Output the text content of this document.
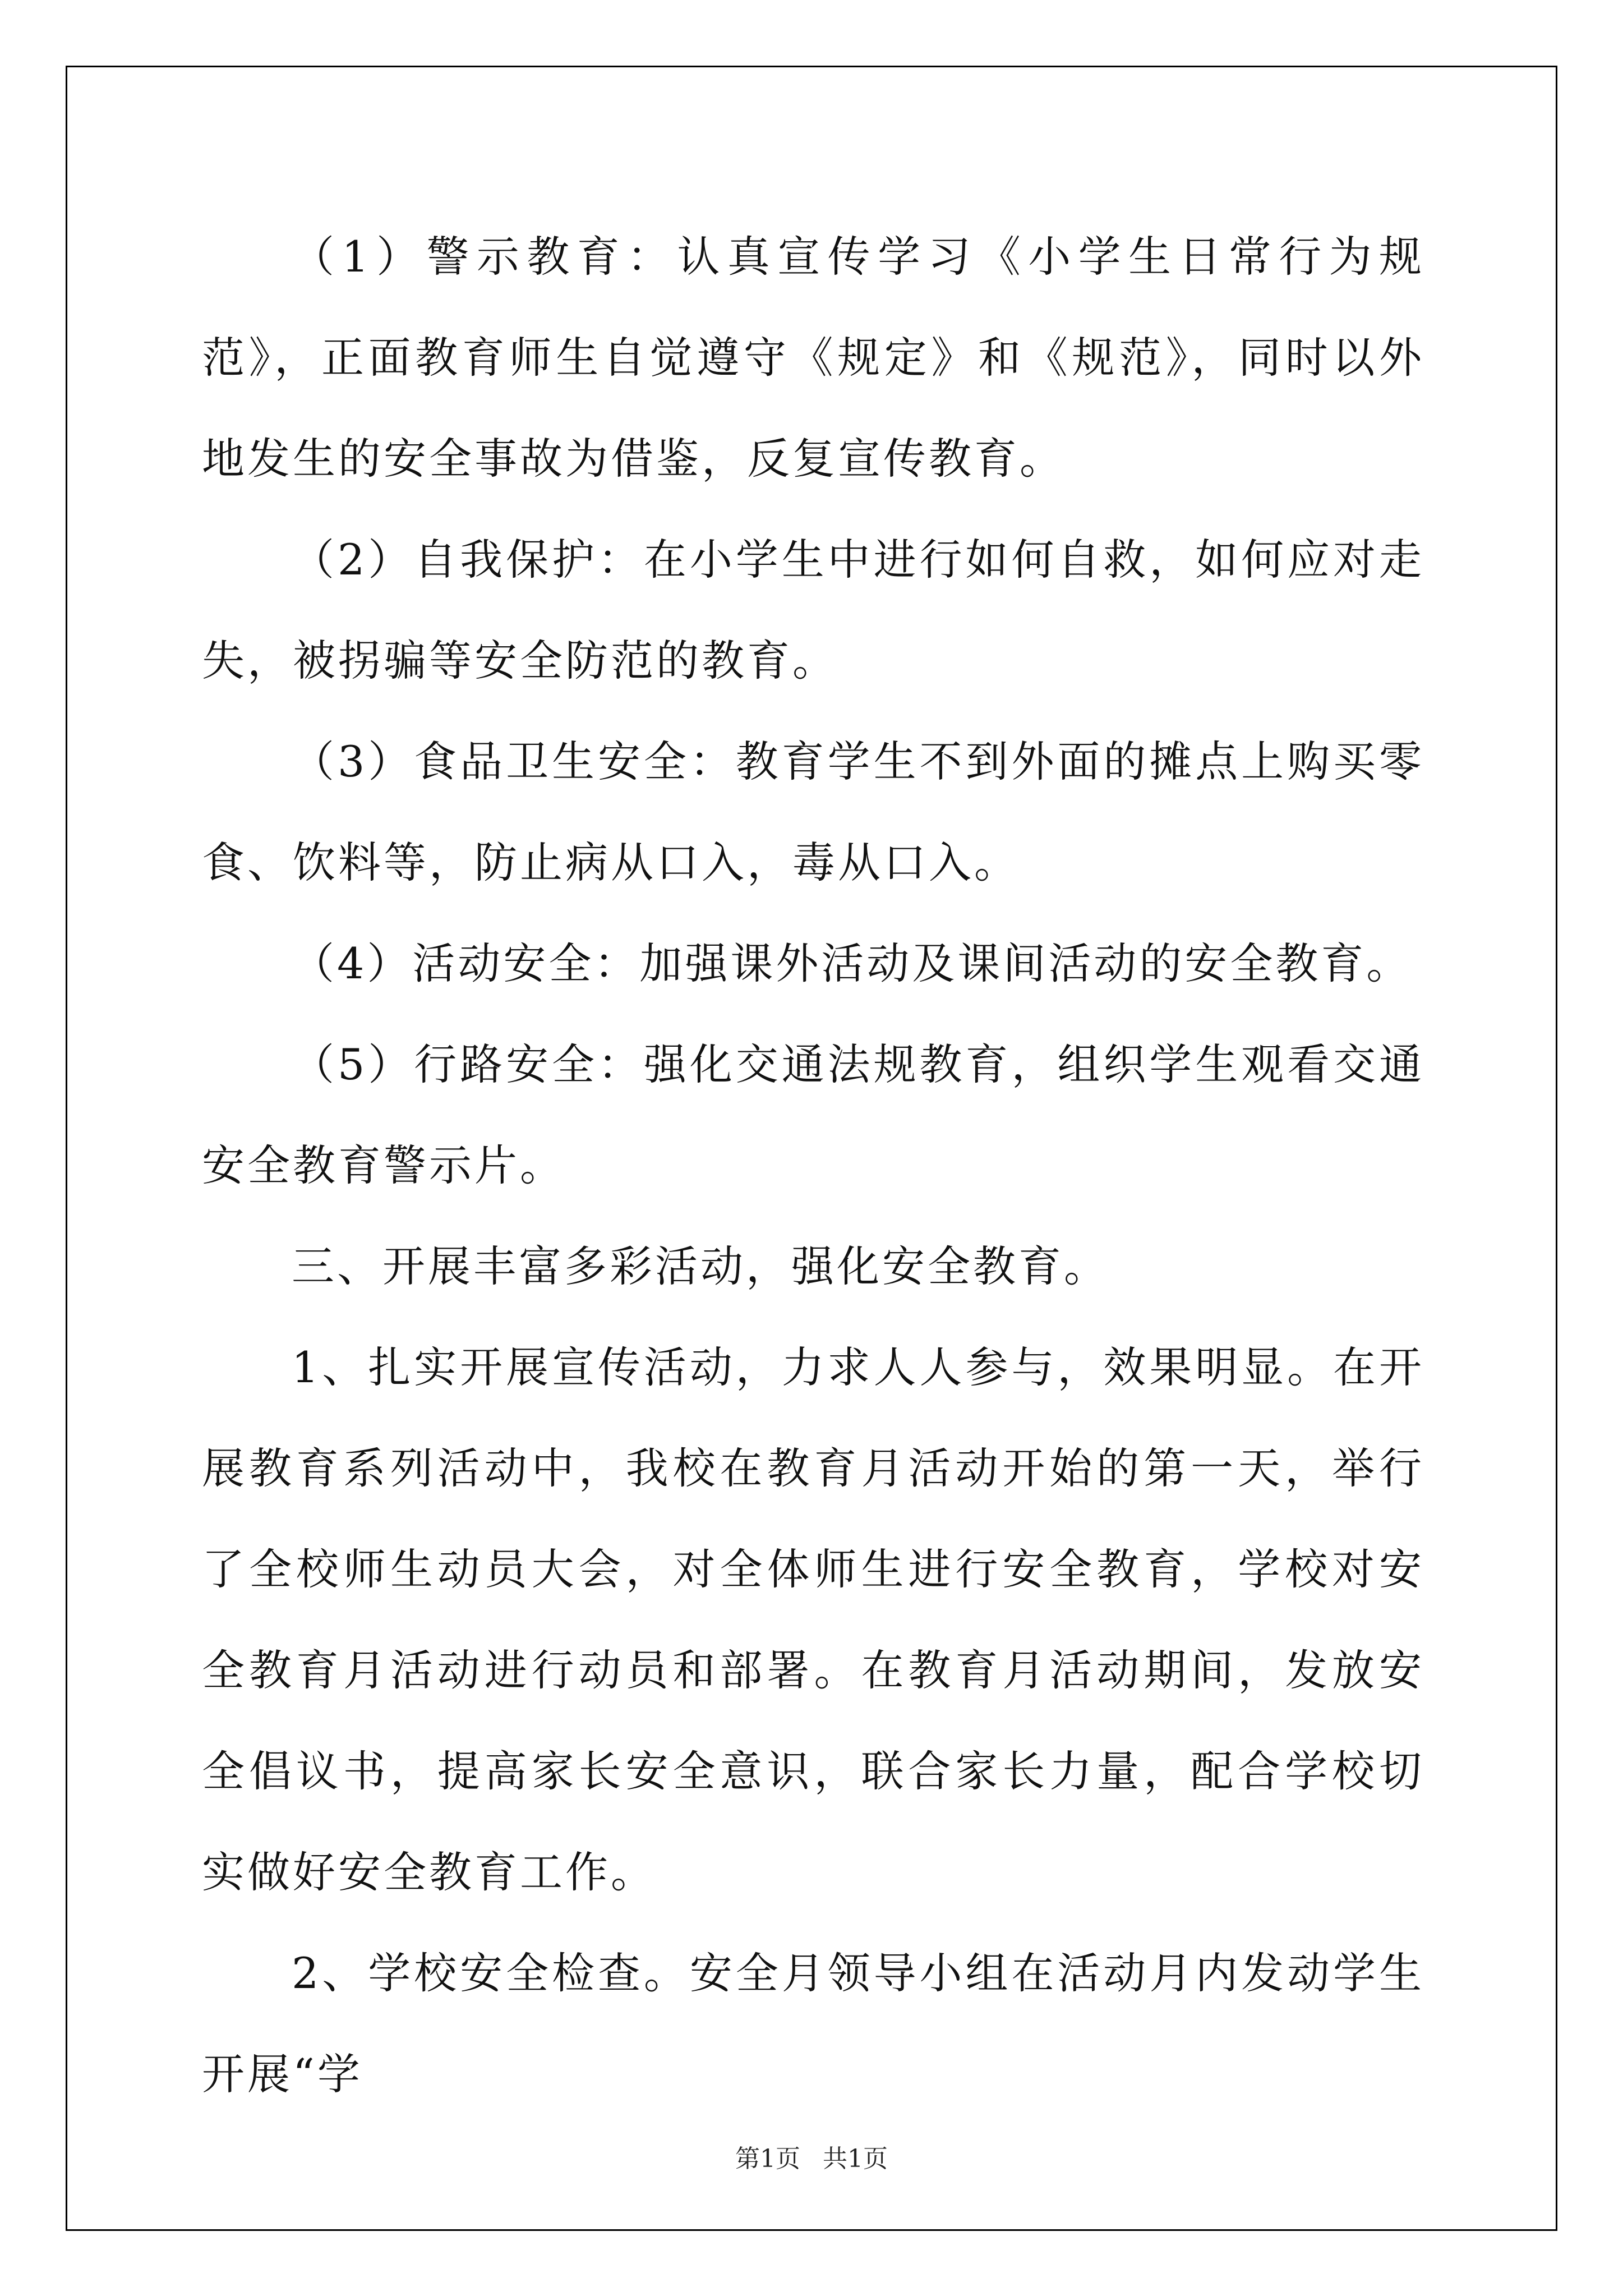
（1）警示教育：认真宣传学习《小学生日常行为规范》，正面教育师生自觉遵守《规定》和《规范》，同时以外地发生的安全事故为借鉴，反复宣传教育。

（2）自我保护：在小学生中进行如何自救，如何应对走失，被拐骗等安全防范的教育。

（3）食品卫生安全：教育学生不到外面的摊点上购买零食、饮料等，防止病从口入，毒从口入。

（4）活动安全：加强课外活动及课间活动的安全教育。

（5）行路安全：强化交通法规教育，组织学生观看交通安全教育警示片。

三、开展丰富多彩活动，强化安全教育。

1、扎实开展宣传活动，力求人人参与，效果明显。在开展教育系列活动中，我校在教育月活动开始的第一天，举行了全校师生动员大会，对全体师生进行安全教育，学校对安全教育月活动进行动员和部署。在教育月活动期间，发放安全倡议书，提高家长安全意识，联合家长力量，配合学校切实做好安全教育工作。

2、学校安全检查。安全月领导小组在活动月内发动学生开展“学

第1页 共1页
